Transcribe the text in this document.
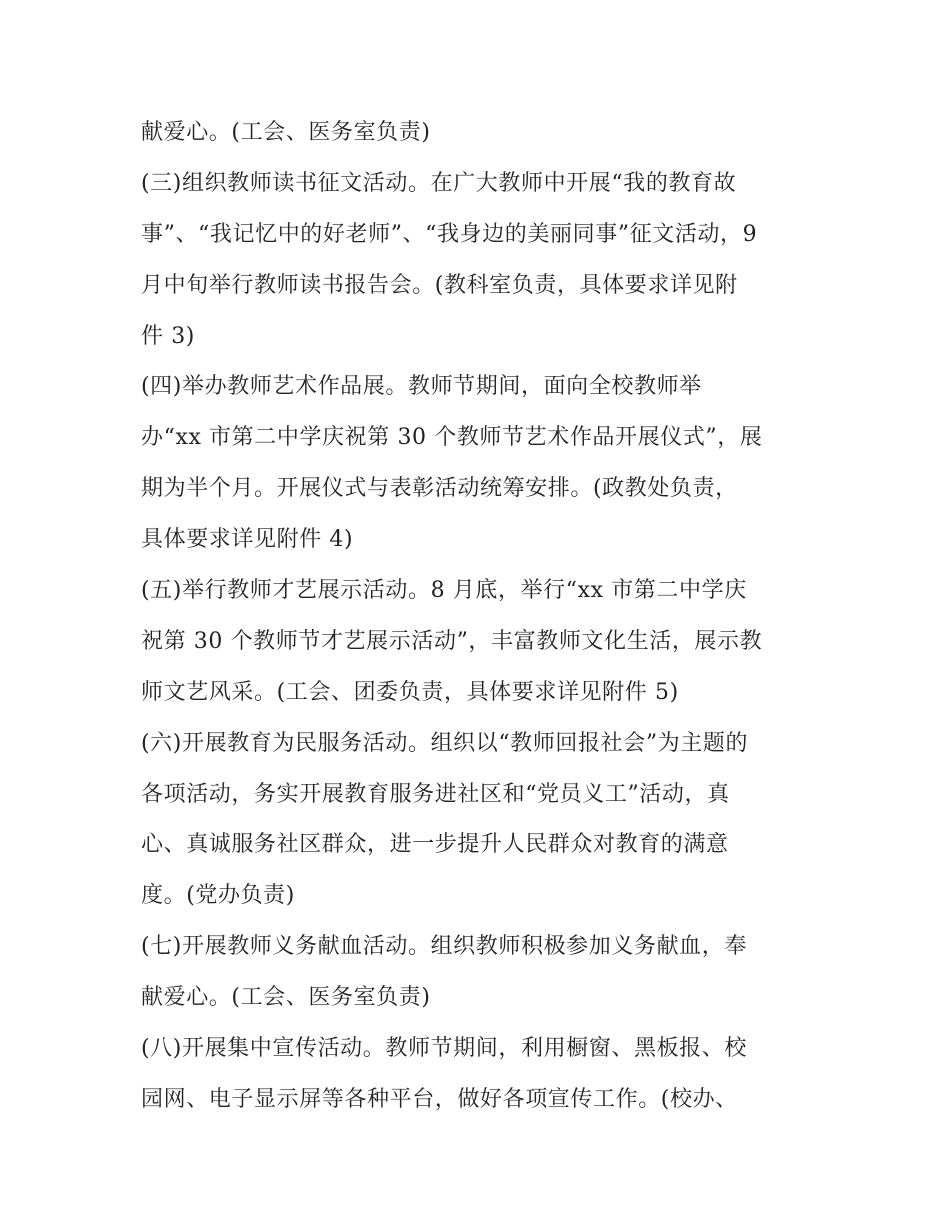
献爱心。(工会、医务室负责)
(三)组织教师读书征文活动。在广大教师中开展“我的教育故
事”、“我记忆中的好老师”、“我身边的美丽同事”征文活动，9
月中旬举行教师读书报告会。(教科室负责，具体要求详见附
件 3)
(四)举办教师艺术作品展。教师节期间，面向全校教师举
办“xx 市第二中学庆祝第 30 个教师节艺术作品开展仪式”，展
期为半个月。开展仪式与表彰活动统筹安排。(政教处负责，
具体要求详见附件 4)
(五)举行教师才艺展示活动。8 月底，举行“xx 市第二中学庆
祝第 30 个教师节才艺展示活动”，丰富教师文化生活，展示教
师文艺风采。(工会、团委负责，具体要求详见附件 5)
(六)开展教育为民服务活动。组织以“教师回报社会”为主题的
各项活动，务实开展教育服务进社区和“党员义工”活动，真
心、真诚服务社区群众，进一步提升人民群众对教育的满意
度。(党办负责)
(七)开展教师义务献血活动。组织教师积极参加义务献血，奉
献爱心。(工会、医务室负责)
(八)开展集中宣传活动。教师节期间，利用橱窗、黑板报、校
园网、电子显示屏等各种平台，做好各项宣传工作。(校办、
